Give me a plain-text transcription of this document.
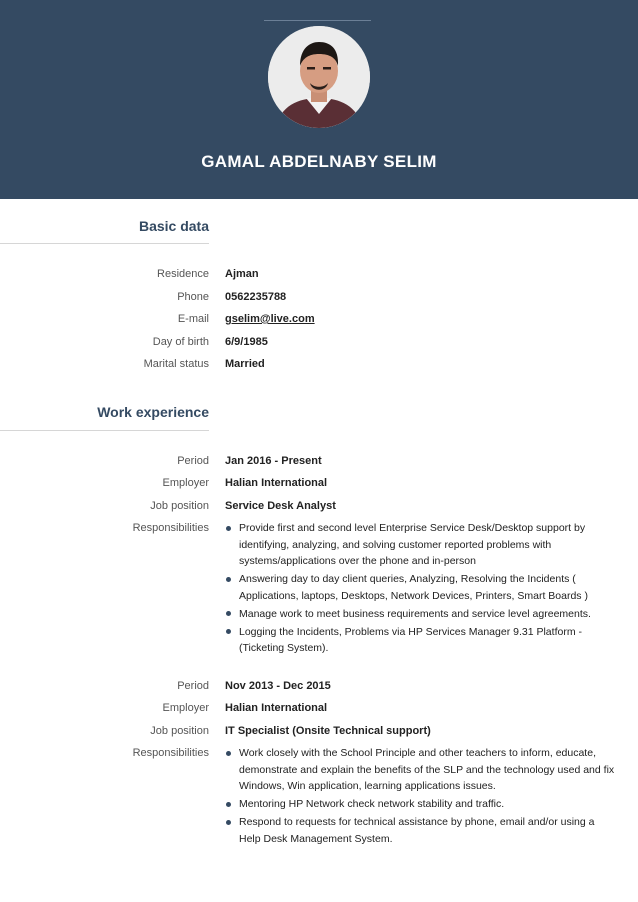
GAMAL ABDELNABY SELIM
Basic data
Residence Ajman
Phone 0562235788
E-mail gselim@live.com
Day of birth 6/9/1985
Marital status Married
Work experience
Period Jan 2016 - Present
Employer Halian International
Job position Service Desk Analyst
Responsibilities	Provide first and second level Enterprise Service Desk/Desktop support by identifying, analyzing, and solving customer reported problems with systems/applications over the phone and in-person
Answering day to day client queries, Analyzing, Resolving the Incidents ( Applications, laptops, Desktops, Network Devices, Printers, Smart Boards )
Manage work to meet business requirements and service level agreements.
Logging the Incidents, Problems via HP Services Manager 9.31 Platform - (Ticketing System).
Period Nov 2013 - Dec 2015
Employer Halian International
Job position IT Specialist (Onsite Technical support)
Responsibilities	Work closely with the School Principle and other teachers to inform, educate, demonstrate and explain the benefits of the SLP and the technology used and fix Windows, Win application, learning applications issues.
Mentoring HP Network check network stability and traffic.
Respond to requests for technical assistance by phone, email and/or using a Help Desk Management System.
